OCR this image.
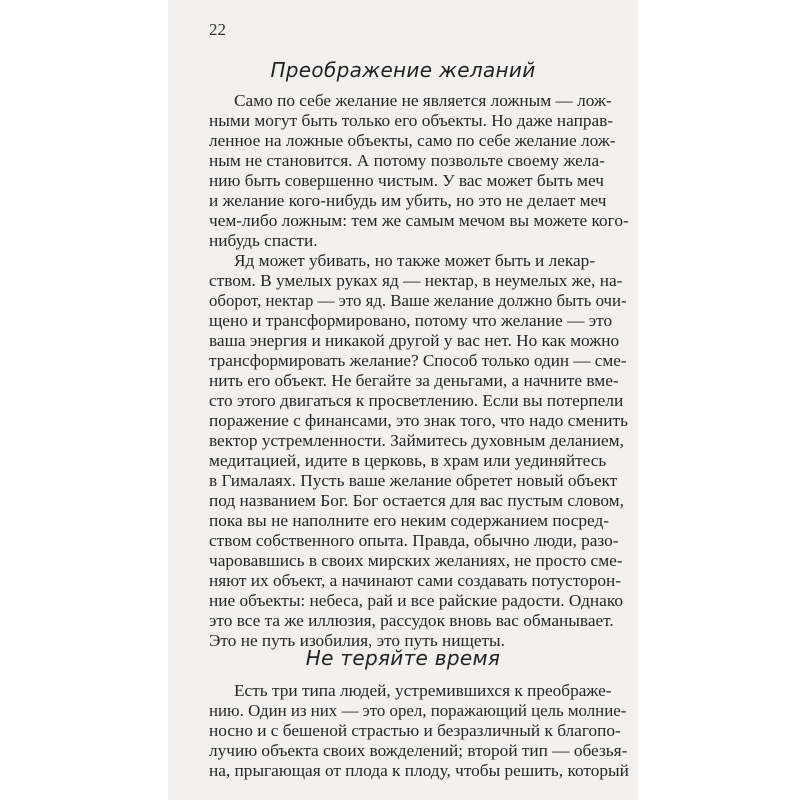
22
Преображение желаний
Само по себе желание не является ложным — лож-
ными могут быть только его объекты. Но даже направ-
ленное на ложные объекты, само по себе желание лож-
ным не становится. А потому позвольте своему жела-
нию быть совершенно чистым. У вас может быть меч
и желание кого-нибудь им убить, но это не делает меч
чем-либо ложным: тем же самым мечом вы можете кого-
нибудь спасти.
Яд может убивать, но также может быть и лекар-
ством. В умелых руках яд — нектар, в неумелых же, на-
оборот, нектар — это яд. Ваше желание должно быть очи-
щено и трансформировано, потому что желание — это
ваша энергия и никакой другой у вас нет. Но как можно
трансформировать желание? Способ только один — сме-
нить его объект. Не бегайте за деньгами, а начните вме-
сто этого двигаться к просветлению. Если вы потерпели
поражение с финансами, это знак того, что надо сменить
вектор устремленности. Займитесь духовным деланием,
медитацией, идите в церковь, в храм или уединяйтесь
в Гималаях. Пусть ваше желание обретет новый объект
под названием Бог. Бог остается для вас пустым словом,
пока вы не наполните его неким содержанием посред-
ством собственного опыта. Правда, обычно люди, разо-
чаровавшись в своих мирских желаниях, не просто сме-
няют их объект, а начинают сами создавать потусторон-
ние объекты: небеса, рай и все райские радости. Однако
это все та же иллюзия, рассудок вновь вас обманывает.
Это не путь изобилия, это путь нищеты.
Не теряйте время
Есть три типа людей, устремившихся к преображе-
нию. Один из них — это орел, поражающий цель молние-
носно и с бешеной страстью и безразличный к благопо-
лучию объекта своих вожделений; второй тип — обезья-
на, прыгающая от плода к плоду, чтобы решить, который
